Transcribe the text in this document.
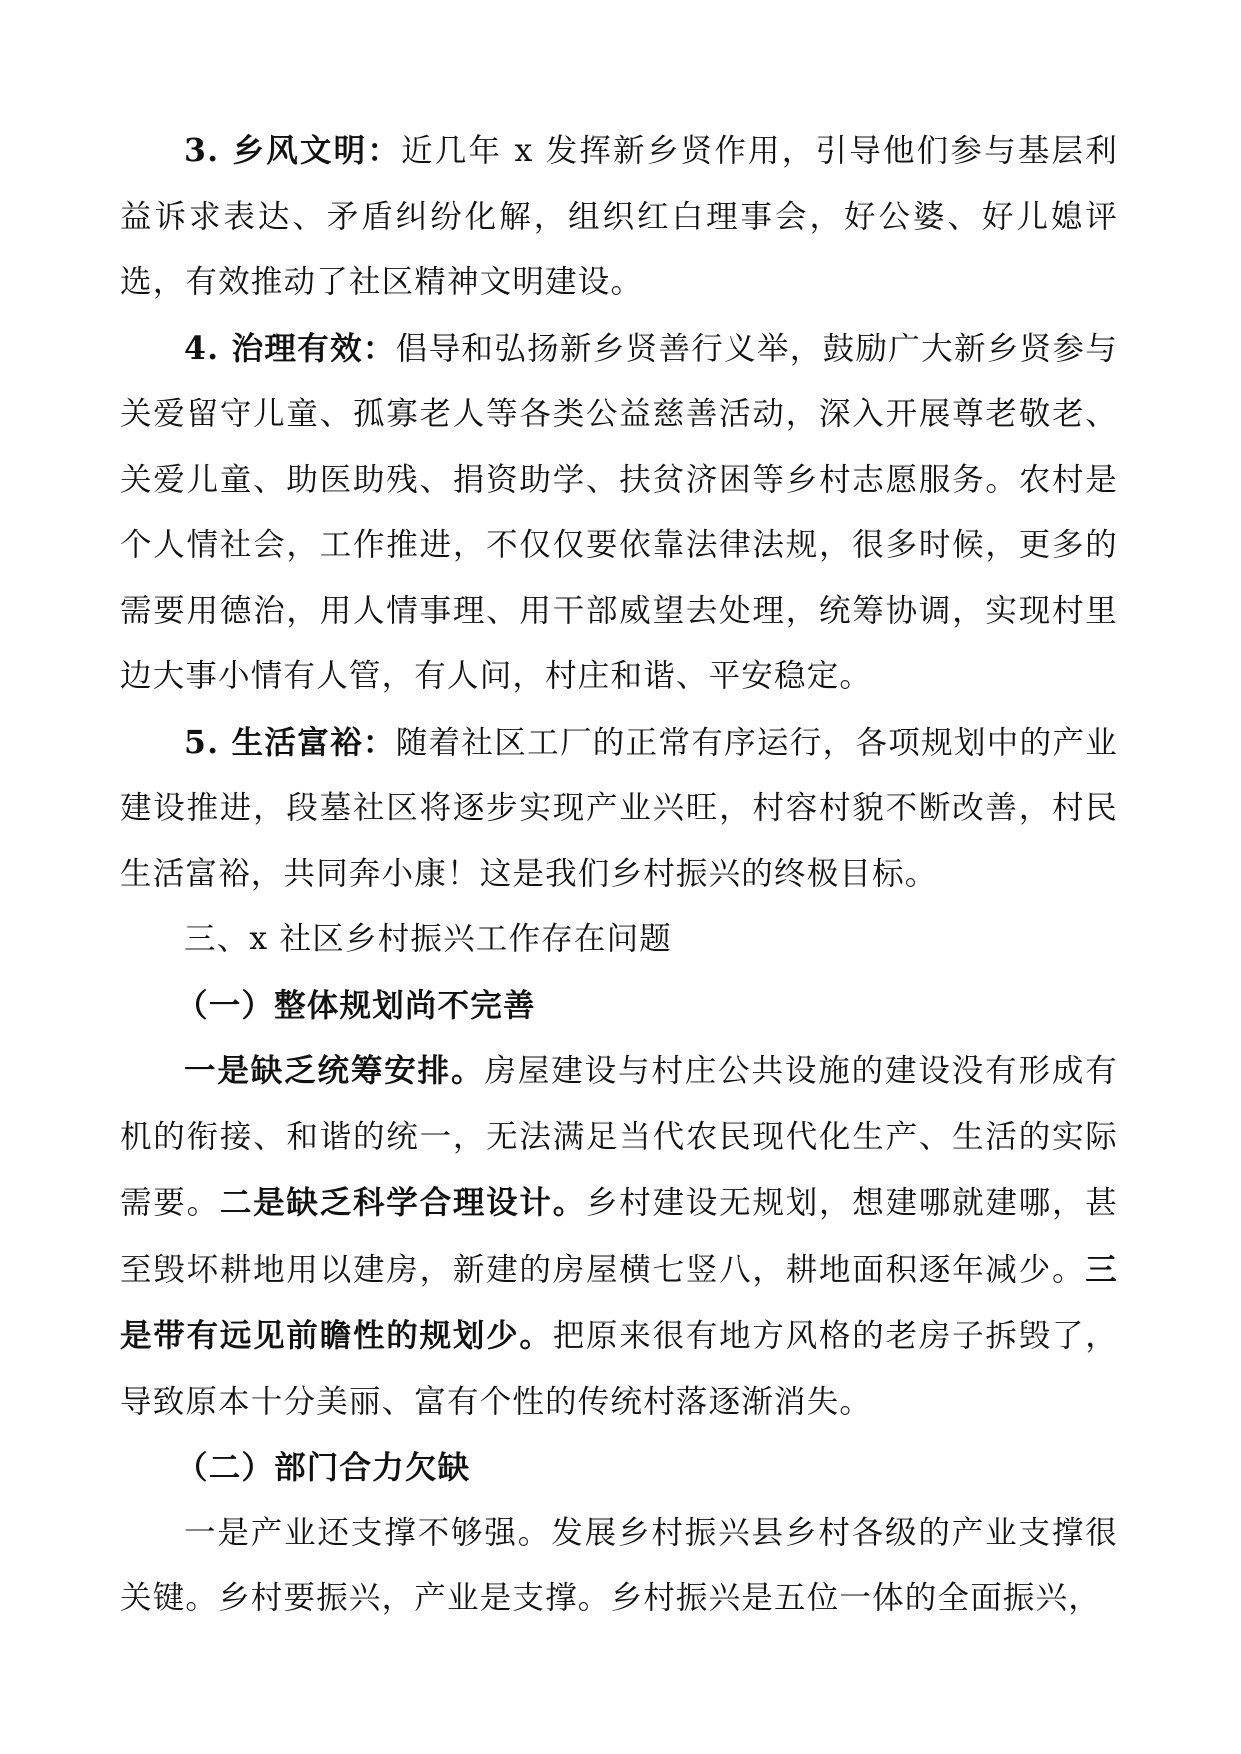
3. 乡风文明：近几年 x 发挥新乡贤作用，引导他们参与基层利益诉求表达、矛盾纠纷化解，组织红白理事会，好公婆、好儿媳评选，有效推动了社区精神文明建设。

4. 治理有效：倡导和弘扬新乡贤善行义举，鼓励广大新乡贤参与关爱留守儿童、孤寡老人等各类公益慈善活动，深入开展尊老敬老、关爱儿童、助医助残、捐资助学、扶贫济困等乡村志愿服务。农村是个人情社会，工作推进，不仅仅要依靠法律法规，很多时候，更多的需要用德治，用人情事理、用干部威望去处理，统筹协调，实现村里边大事小情有人管，有人问，村庄和谐、平安稳定。

5. 生活富裕：随着社区工厂的正常有序运行，各项规划中的产业建设推进，段墓社区将逐步实现产业兴旺，村容村貌不断改善，村民生活富裕，共同奔小康！这是我们乡村振兴的终极目标。

三、x 社区乡村振兴工作存在问题

（一）整体规划尚不完善

一是缺乏统筹安排。房屋建设与村庄公共设施的建设没有形成有机的衔接、和谐的统一，无法满足当代农民现代化生产、生活的实际需要。二是缺乏科学合理设计。乡村建设无规划，想建哪就建哪，甚至毁坏耕地用以建房，新建的房屋横七竖八，耕地面积逐年减少。三是带有远见前瞻性的规划少。把原来很有地方风格的老房子拆毁了，导致原本十分美丽、富有个性的传统村落逐渐消失。

（二）部门合力欠缺

一是产业还支撑不够强。发展乡村振兴县乡村各级的产业支撑很关键。乡村要振兴，产业是支撑。乡村振兴是五位一体的全面振兴，
